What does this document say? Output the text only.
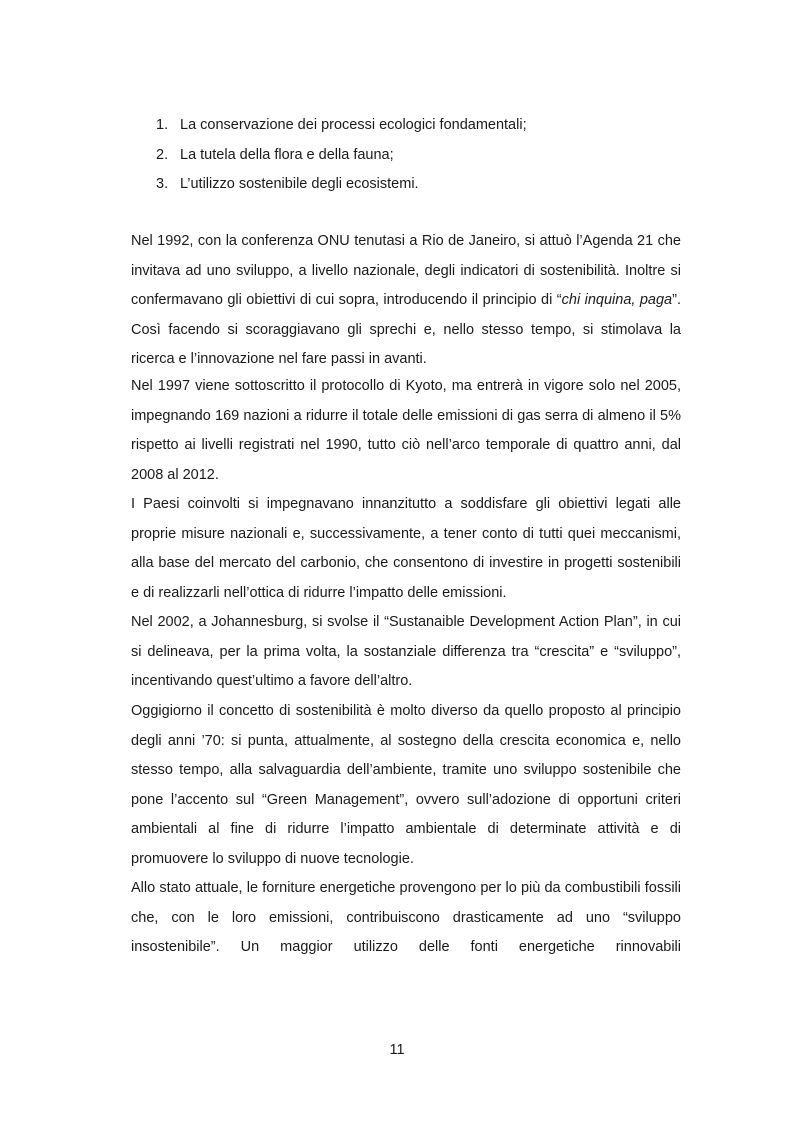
1. La conservazione dei processi ecologici fondamentali;
2. La tutela della flora e della fauna;
3. L’utilizzo sostenibile degli ecosistemi.

Nel 1992, con la conferenza ONU tenutasi a Rio de Janeiro, si attuò l’Agenda 21 che invitava ad uno sviluppo, a livello nazionale, degli indicatori di sostenibilità. Inoltre si confermavano gli obiettivi di cui sopra, introducendo il principio di “chi inquina, paga”. Così facendo si scoraggiavano gli sprechi e, nello stesso tempo, si stimolava la ricerca e l’innovazione nel fare passi in avanti.

Nel 1997 viene sottoscritto il protocollo di Kyoto, ma entrerà in vigore solo nel 2005, impegnando 169 nazioni a ridurre il totale delle emissioni di gas serra di almeno il 5% rispetto ai livelli registrati nel 1990, tutto ciò nell’arco temporale di quattro anni, dal 2008 al 2012.

I Paesi coinvolti si impegnavano innanzitutto a soddisfare gli obiettivi legati alle proprie misure nazionali e, successivamente, a tener conto di tutti quei meccanismi, alla base del mercato del carbonio, che consentono di investire in progetti sostenibili e di realizzarli nell’ottica di ridurre l’impatto delle emissioni.

Nel 2002, a Johannesburg, si svolse il “Sustanaible Development Action Plan”, in cui si delineava, per la prima volta, la sostanziale differenza tra “crescita” e “sviluppo”, incentivando quest’ultimo a favore dell’altro.

Oggigiorno il concetto di sostenibilità è molto diverso da quello proposto al principio degli anni ’70: si punta, attualmente, al sostegno della crescita economica e, nello stesso tempo, alla salvaguardia dell’ambiente, tramite uno sviluppo sostenibile che pone l’accento sul “Green Management”, ovvero sull’adozione di opportuni criteri ambientali al fine di ridurre l’impatto ambientale di determinate attività e di promuovere lo sviluppo di nuove tecnologie.

Allo stato attuale, le forniture energetiche provengono per lo più da combustibili fossili che, con le loro emissioni, contribuiscono drasticamente ad uno “sviluppo insostenibile”. Un maggior utilizzo delle fonti energetiche rinnovabili

11
